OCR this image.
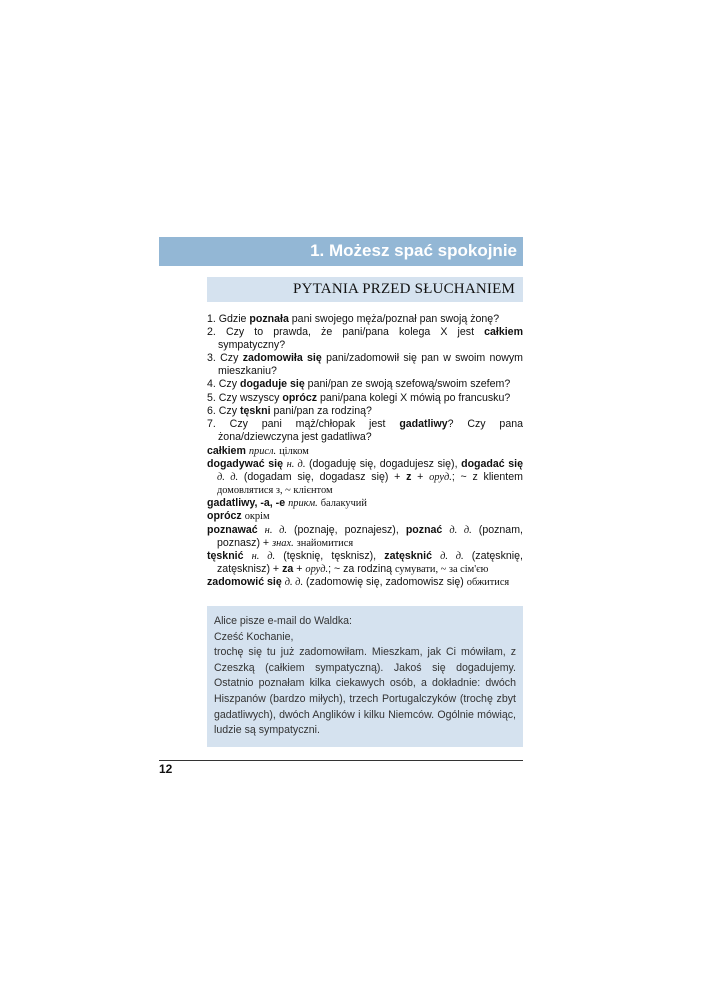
1. Możesz spać spokojnie
PYTANIA PRZED SŁUCHANIEM
1. Gdzie poznała pani swojego męża/poznał pan swoją żonę?
2. Czy to prawda, że pani/pana kolega X jest całkiem sympatyczny?
3. Czy zadomowiła się pani/zadomowił się pan w swoim nowym mieszkaniu?
4. Czy dogaduje się pani/pan ze swoją szefową/swoim szefem?
5. Czy wszyscy oprócz pani/pana kolegi X mówią po francusku?
6. Czy tęskni pani/pan za rodziną?
7. Czy pani mąż/chłopak jest gadatliwy? Czy pana żona/dziewczyna jest gadatliwa?
całkiem присл. цілком
dogadywać się н. д. (dogaduję się, dogadujesz się), dogadać się д. д. (dogadam się, dogadasz się) + z + оруд.; ~ z klientem домовлятися з, ~ клієнтом
gadatliwy, -a, -e прикм. балакучий
oprócz окрім
poznawać н. д. (poznaję, poznajesz), poznać д. д. (poznam, poznasz) + знах. знайомитися
tęsknić н. д. (tęsknię, tęsknisz), zatęsknić д. д. (zatęsknię, zatęsknisz) + za + оруд.; ~ za rodziną сумувати, ~ за сім'єю
zadomowić się д. д. (zadomowię się, zadomowisz się) обжитися
Alice pisze e-mail do Waldka:
Cześć Kochanie,
trochę się tu już zadomowiłam. Mieszkam, jak Ci mówiłam, z Czeszką (całkiem sympatyczną). Jakoś się dogadujemy. Ostatnio poznałam kilka ciekawych osób, a dokładnie: dwóch Hiszpanów (bardzo miłych), trzech Portugalczyków (trochę zbyt gadatliwych), dwóch Anglików i kilku Niemców. Ogólnie mówiąc, ludzie są sympatyczni.
12
